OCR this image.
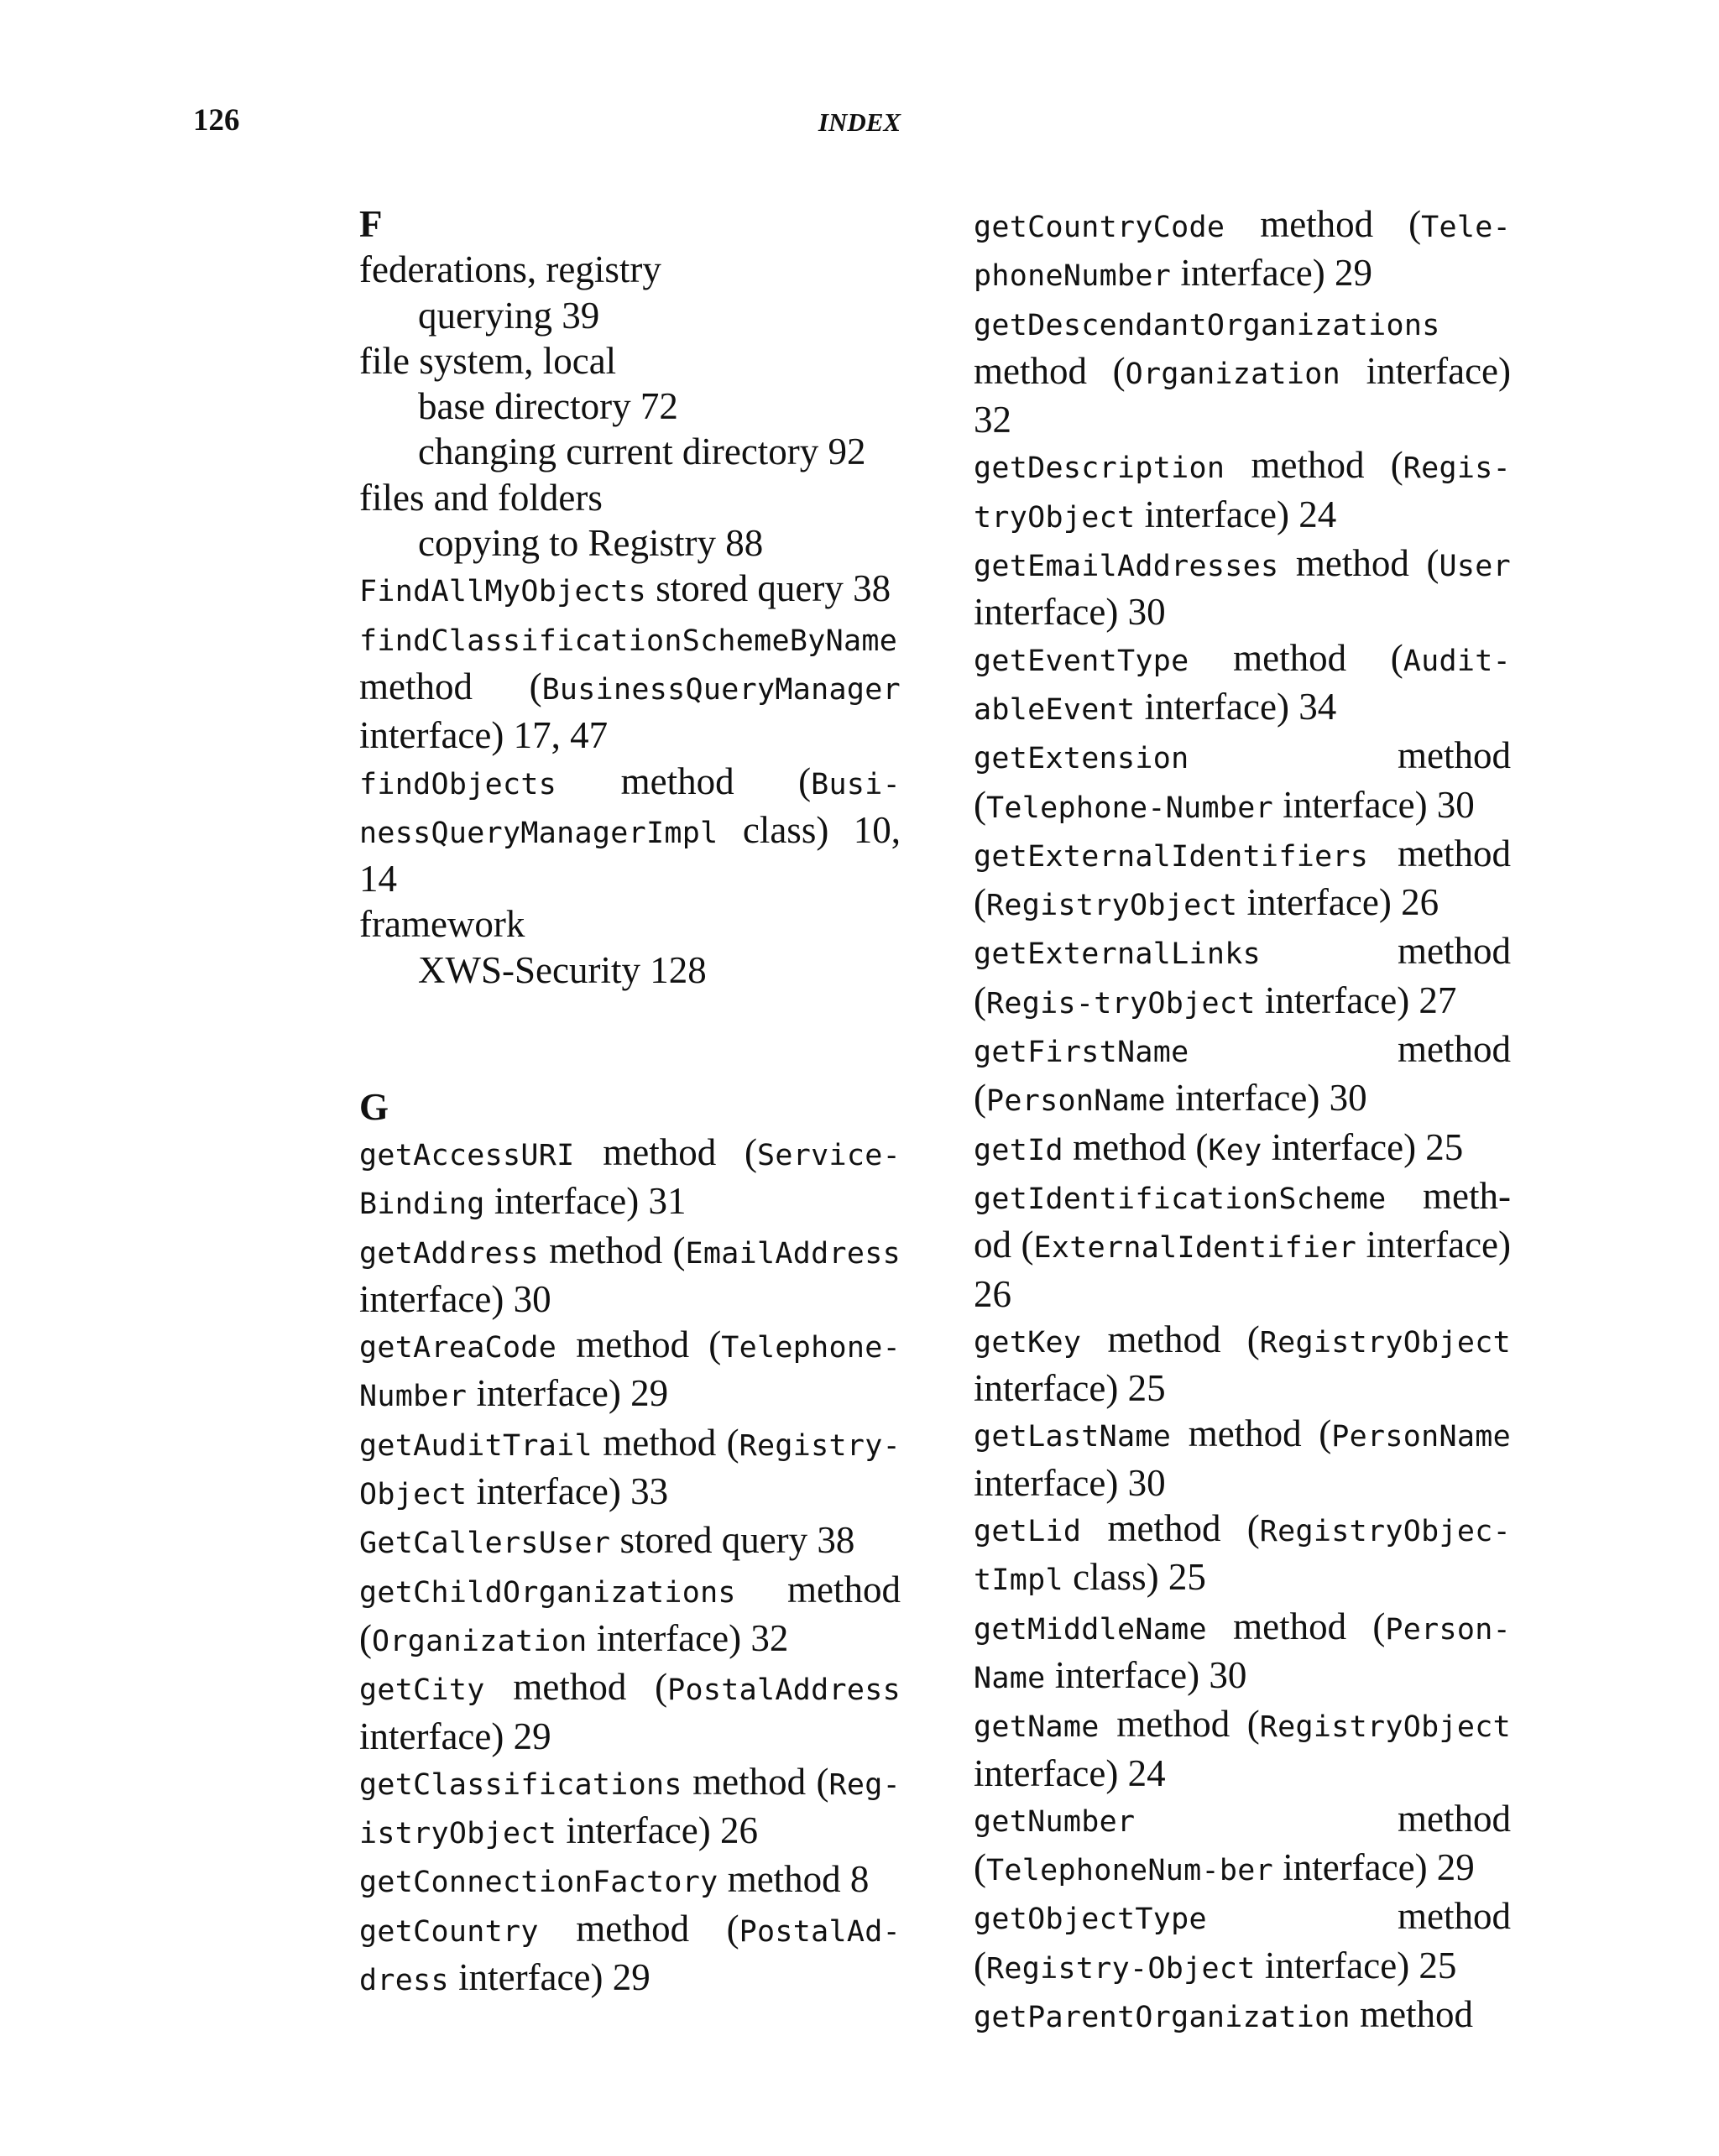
126	INDEX
F
federations, registry
querying 39
file system, local
base directory 72
changing current directory 92
files and folders
copying to Registry 88
FindAllMyObjects stored query 38
findClassificationSchemeByName method (BusinessQueryManager interface) 17, 47
findObjects method (Busi-nessQueryManagerImpl class) 10, 14
framework
XWS-Security 128
G
getAccessURI method (Service-Binding interface) 31
getAddress method (EmailAddress interface) 30
getAreaCode method (Telephone-Number interface) 29
getAuditTrail method (Registry-Object interface) 33
GetCallersUser stored query 38
getChildOrganizations method (Organization interface) 32
getCity method (PostalAddress interface) 29
getClassifications method (Reg-istryObject interface) 26
getConnectionFactory method 8
getCountry method (PostalAd-dress interface) 29
getCountryCode method (Tele-phoneNumber interface) 29
getDescendantOrganizations method (Organization interface) 32
getDescription method (Regis-tryObject interface) 24
getEmailAddresses method (User interface) 30
getEventType method (Audit-ableEvent interface) 34
getExtension method (Telephone-Number interface) 30
getExternalIdentifiers method (RegistryObject interface) 26
getExternalLinks method (Regis-tryObject interface) 27
getFirstName method (PersonName interface) 30
getId method (Key interface) 25
getIdentificationScheme meth-od (ExternalIdentifier interface) 26
getKey method (RegistryObject interface) 25
getLastName method (PersonName interface) 30
getLid method (RegistryObjec-tImpl class) 25
getMiddleName method (Person-Name interface) 30
getName method (RegistryObject interface) 24
getNumber method (TelephoneNum-ber interface) 29
getObjectType method (Registry-Object interface) 25
getParentOrganization method
